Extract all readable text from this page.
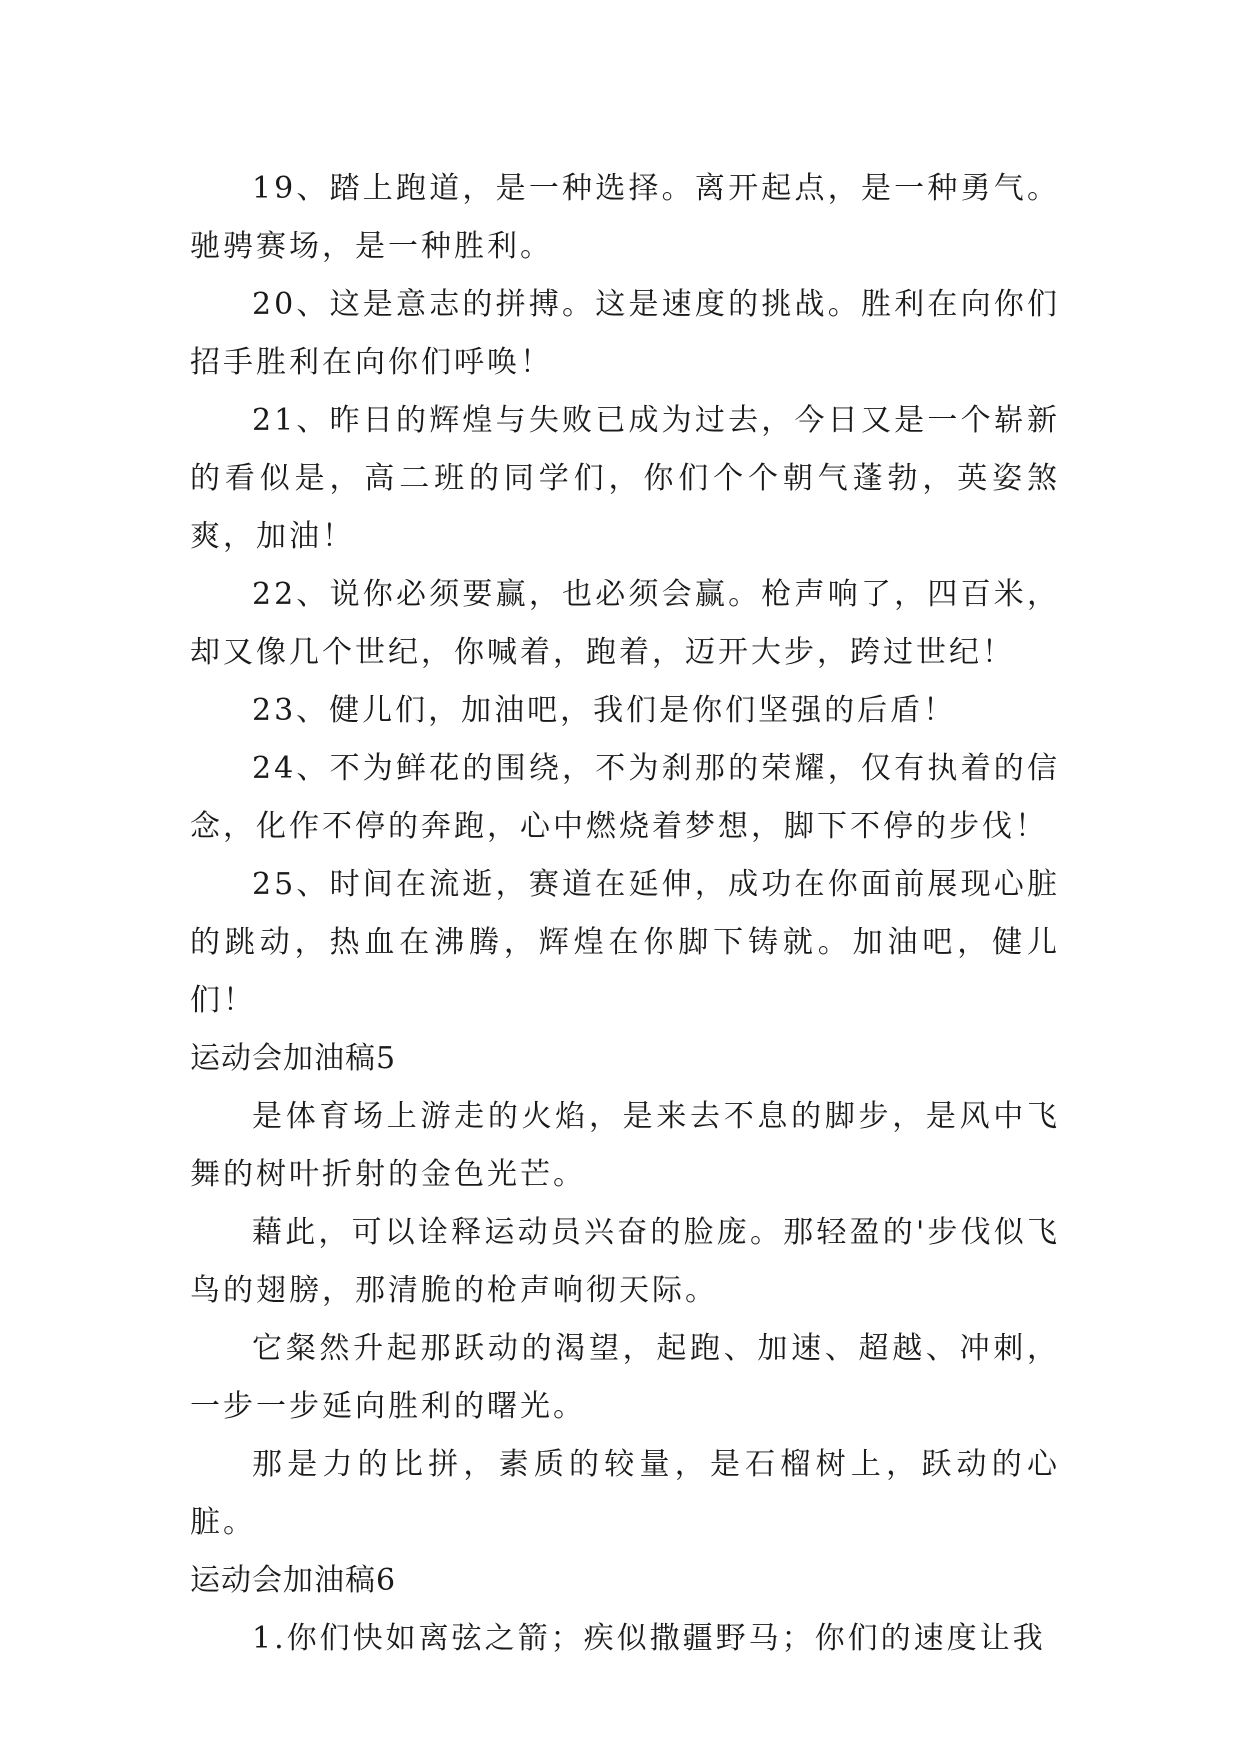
19、踏上跑道，是一种选择。离开起点，是一种勇气。驰骋赛场，是一种胜利。

20、这是意志的拼搏。这是速度的挑战。胜利在向你们招手胜利在向你们呼唤！

21、昨日的辉煌与失败已成为过去，今日又是一个崭新的看似是，高二班的同学们，你们个个朝气蓬勃，英姿煞爽，加油！

22、说你必须要赢，也必须会赢。枪声响了，四百米，却又像几个世纪，你喊着，跑着，迈开大步，跨过世纪！

23、健儿们，加油吧，我们是你们坚强的后盾！

24、不为鲜花的围绕，不为刹那的荣耀，仅有执着的信念，化作不停的奔跑，心中燃烧着梦想，脚下不停的步伐！

25、时间在流逝，赛道在延伸，成功在你面前展现心脏的跳动，热血在沸腾，辉煌在你脚下铸就。加油吧，健儿们！

运动会加油稿5

是体育场上游走的火焰，是来去不息的脚步，是风中飞舞的树叶折射的金色光芒。

藉此，可以诠释运动员兴奋的脸庞。那轻盈的'步伐似飞鸟的翅膀，那清脆的枪声响彻天际。

它粲然升起那跃动的渴望，起跑、加速、超越、冲刺，一步一步延向胜利的曙光。

那是力的比拼，素质的较量，是石榴树上，跃动的心脏。

运动会加油稿6

1.你们快如离弦之箭；疾似撒疆野马；你们的速度让我
